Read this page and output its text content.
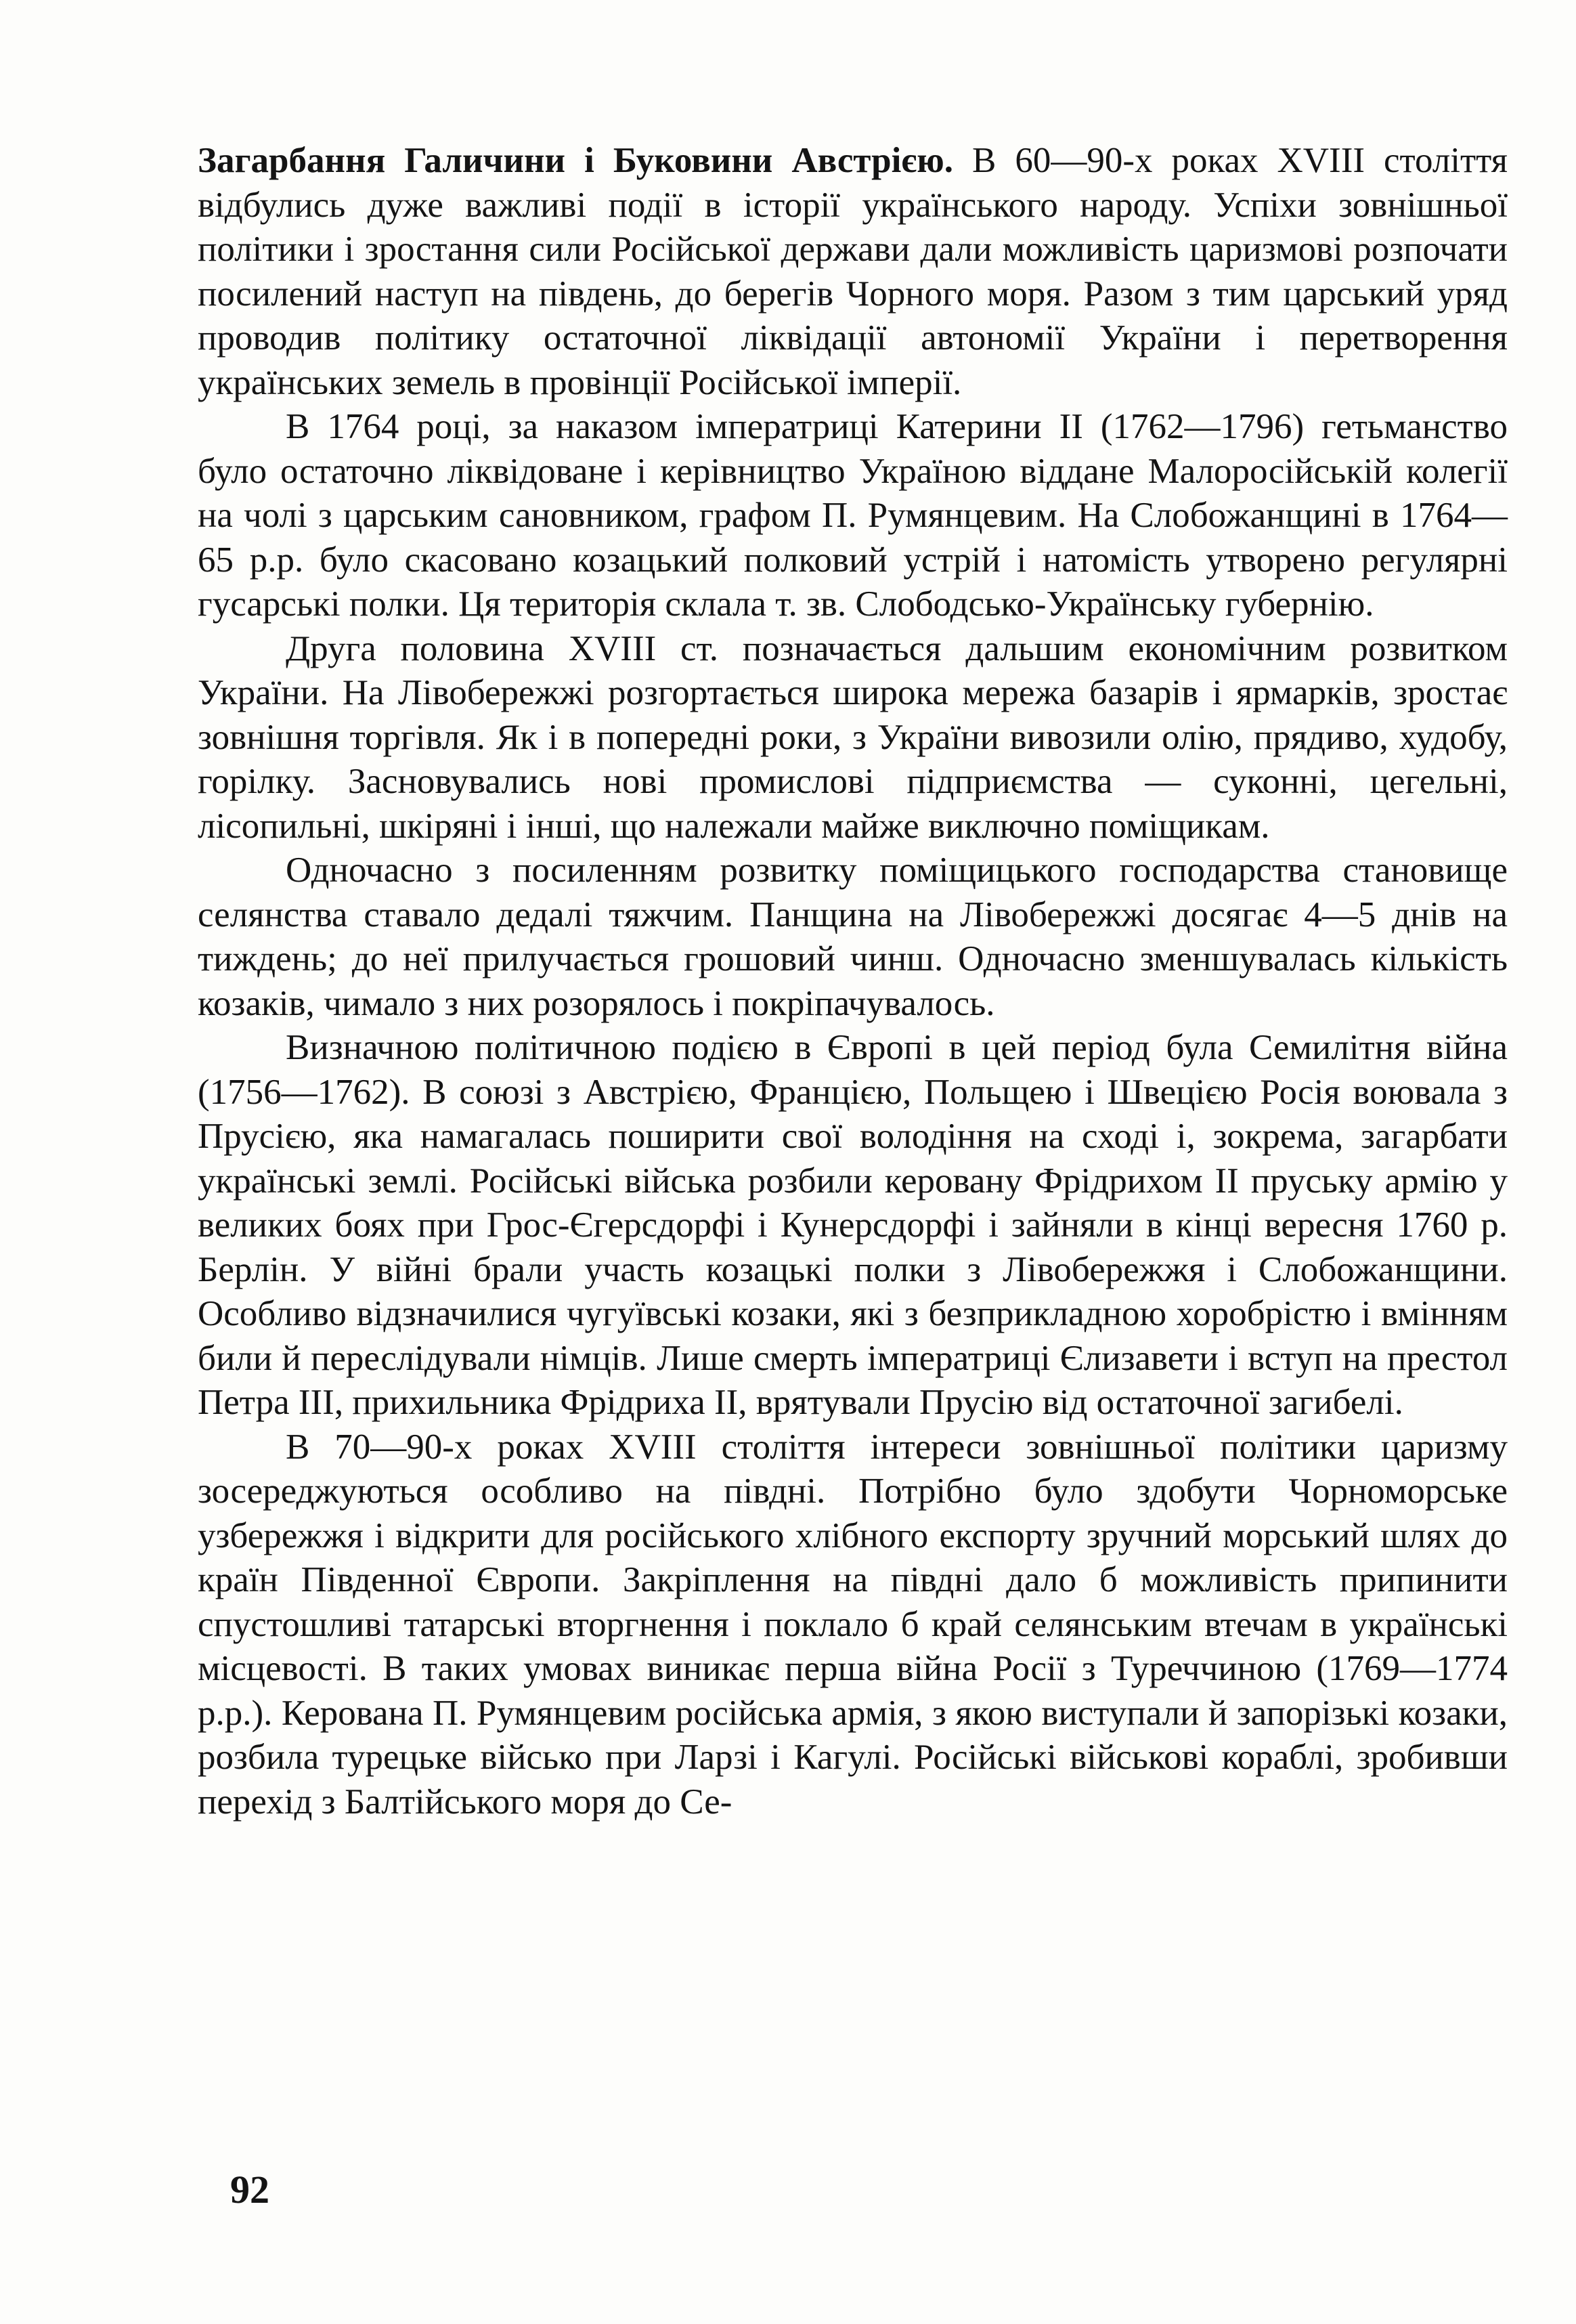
Загарбання Галичини і Буковини Австрією. В 60—90-х роках XVIII століття відбулись дуже важливі події в історії українського народу. Успіхи зовнішньої політики і зростання сили Російської держави дали можливість царизмові розпочати посилений наступ на південь, до берегів Чорного моря. Разом з тим царський уряд проводив політику остаточної ліквідації автономії України і перетворення українських земель в провінції Російської імперії.

В 1764 році, за наказом імператриці Катерини II (1762—1796) гетьманство було остаточно ліквідоване і керівництво Україною віддане Малоросійській колегії на чолі з царським сановником, графом П. Румянцевим. На Слобожанщині в 1764—65 р.р. було скасовано козацький полковий устрій і натомість утворено регулярні гусарські полки. Ця територія склала т. зв. Слободсько-Українську губернію.

Друга половина XVIII ст. позначається дальшим економічним розвитком України. На Лівобережжі розгортається широка мережа базарів і ярмарків, зростає зовнішня торгівля. Як і в попередні роки, з України вивозили олію, прядиво, худобу, горілку. Засновувались нові промислові підприємства — суконні, цегельні, лісопильні, шкіряні і інші, що належали майже виключно поміщикам.

Одночасно з посиленням розвитку поміщицького господарства становище селянства ставало дедалі тяжчим. Панщина на Лівобережжі досягає 4—5 днів на тиждень; до неї прилучається грошовий чинш. Одночасно зменшувалась кількість козаків, чимало з них розорялось і покріпачувалось.

Визначною політичною подією в Європі в цей період була Семилітня війна (1756—1762). В союзі з Австрією, Францією, Польщею і Швецією Росія воювала з Прусією, яка намагалась поширити свої володіння на сході і, зокрема, загарбати українські землі. Російські війська розбили керовану Фрідрихом II пруську армію у великих боях при Грос-Єгерсдорфі і Кунерсдорфі і зайняли в кінці вересня 1760 р. Берлін. У війні брали участь козацькі полки з Лівобережжя і Слобожанщини. Особливо відзначилися чугуївські козаки, які з безприкладною хоробрістю і вмінням били й переслідували німців. Лише смерть імператриці Єлизавети і вступ на престол Петра III, прихильника Фрідриха II, врятували Прусію від остаточної загибелі.

В 70—90-х роках XVIII століття інтереси зовнішньої політики царизму зосереджуються особливо на півдні. Потрібно було здобути Чорноморське узбережжя і відкрити для російського хлібного експорту зручний морський шлях до країн Південної Європи. Закріплення на півдні дало б можливість припинити спустошливі татарські вторгнення і поклало б край селянським втечам в українські місцевості. В таких умовах виникає перша війна Росії з Туреччиною (1769—1774 р.р.). Керована П. Румянцевим російська армія, з якою виступали й запорізькі козаки, розбила турецьке військо при Ларзі і Кагулі. Російські військові кораблі, зробивши перехід з Балтійського моря до Се-

92
